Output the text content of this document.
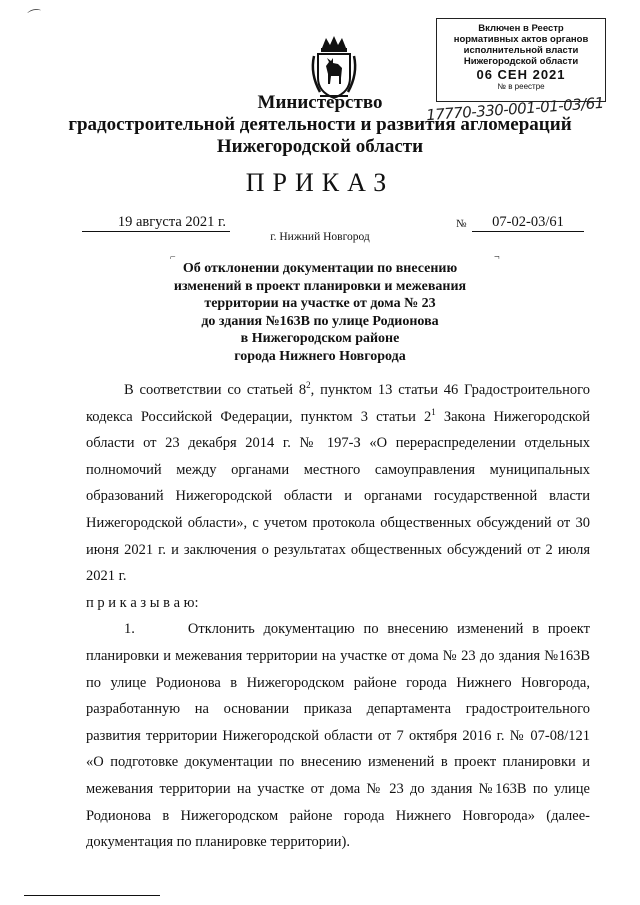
⌒
Включен в Реестр
нормативных актов органов
исполнительной власти
Нижегородской области
06 СЕН 2021
№ в реестре
17770-330-001-01-03/61
Министерство
градостроительной деятельности и развития агломераций
Нижегородской области
ПРИКАЗ
19 августа 2021 г.	№	07-02-03/61
г. Нижний Новгород
⌐	¬
Об отклонении документации по внесению
изменений в проект планировки и межевания
территории на участке от дома № 23
до здания №163В по улице Родионова
в Нижегородском районе
города Нижнего Новгорода

В соответствии со статьей $8^2$, пунктом 13 статьи 46 Градостроительного кодекса Российской Федерации, пунктом 3 статьи $2^1$ Закона Нижегородской области от 23 декабря 2014 г. № 197-З «О перераспределении отдельных полномочий между органами местного самоуправления муниципальных образований Нижегородской области и органами государственной власти Нижегородской области», с учетом протокола общественных обсуждений от 30 июня 2021 г. и заключения о результатах общественных обсуждений от 2 июля 2021 г.

п р и к а з ы в а ю:

1.      Отклонить документацию по внесению изменений в проект планировки и межевания территории на участке от дома № 23 до здания №163В по улице Родионова в Нижегородском районе города Нижнего Новгорода, разработанную на основании приказа департамента градостроительного развития территории Нижегородской области от 7 октября 2016 г. № 07-08/121 «О подготовке документации по внесению изменений в проект планировки и межевания территории на участке от дома № 23 до здания №163В по улице Родионова в Нижегородском районе города Нижнего Новгорода» (далее- документация по планировке территории).
